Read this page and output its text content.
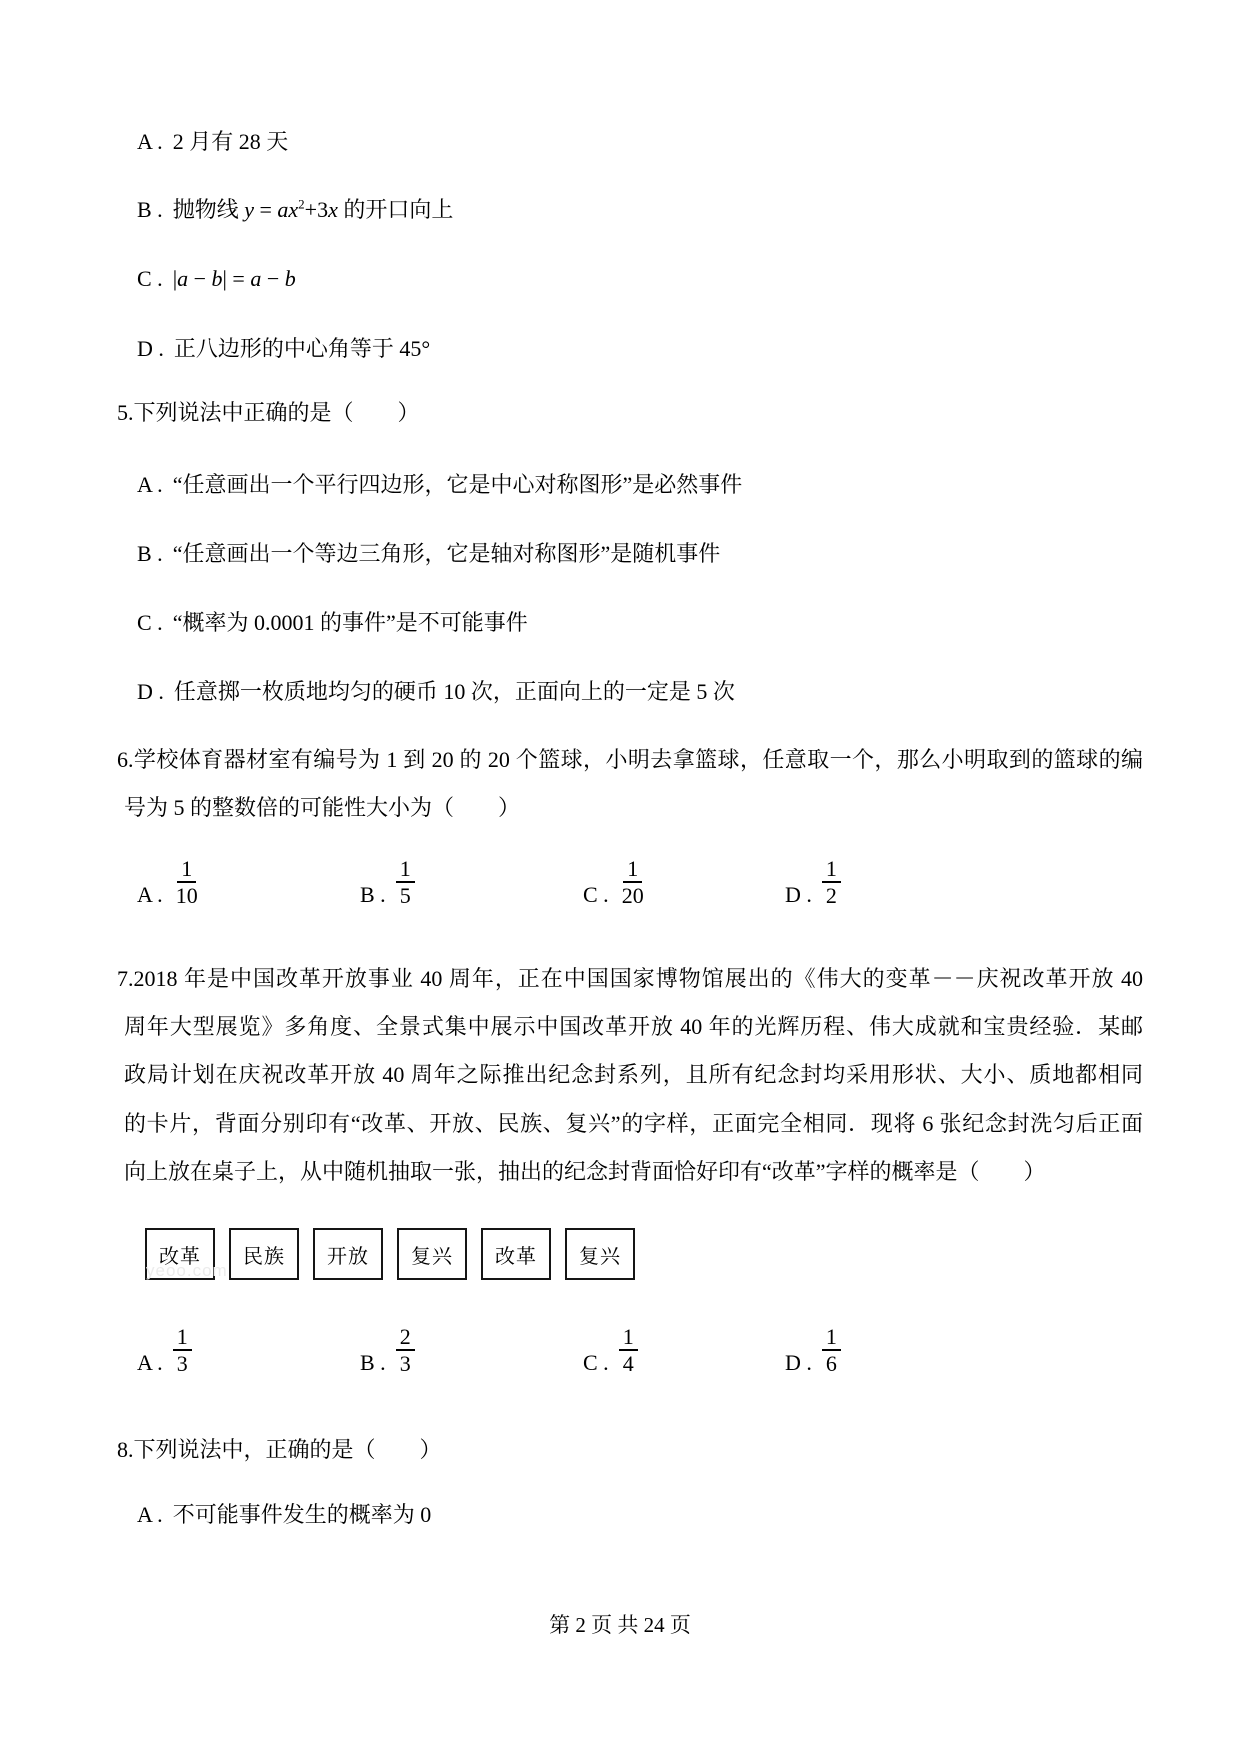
A . 2 月有 28 天
B . 抛物线 $y = ax^2+3x$ 的开口向上
C . |a − b| = a − b
D . 正八边形的中心角等于 45°
5.下列说法中正确的是（　　）
A . “任意画出一个平行四边形，它是中心对称图形”是必然事件
B . “任意画出一个等边三角形，它是轴对称图形”是随机事件
C . “概率为 0.0001 的事件”是不可能事件
D . 任意掷一枚质地均匀的硬币 10 次，正面向上的一定是 5 次
6.学校体育器材室有编号为 1 到 20 的 20 个篮球，小明去拿篮球，任意取一个，那么小明取到的篮球的编
号为 5 的整数倍的可能性大小为（　　）
A . $\frac{1}{10}$	B . $\frac{1}{5}$	C . $\frac{1}{20}$	D . $\frac{1}{2}$
7.2018 年是中国改革开放事业 40 周年，正在中国国家博物馆展出的《伟大的变革－－庆祝改革开放 40
周年大型展览》多角度、全景式集中展示中国改革开放 40 年的光辉历程、伟大成就和宝贵经验．某邮
政局计划在庆祝改革开放 40 周年之际推出纪念封系列，且所有纪念封均采用形状、大小、质地都相同
的卡片，背面分别印有“改革、开放、民族、复兴”的字样，正面完全相同．现将 6 张纪念封洗匀后正面
向上放在桌子上，从中随机抽取一张，抽出的纪念封背面恰好印有“改革”字样的概率是（　　）
改革	民族	开放	复兴	改革	复兴
yeoo.com
A . $\frac{1}{3}$	B . $\frac{2}{3}$	C . $\frac{1}{4}$	D . $\frac{1}{6}$
8.下列说法中，正确的是（　　）
A . 不可能事件发生的概率为 0
第 2 页 共 24 页
